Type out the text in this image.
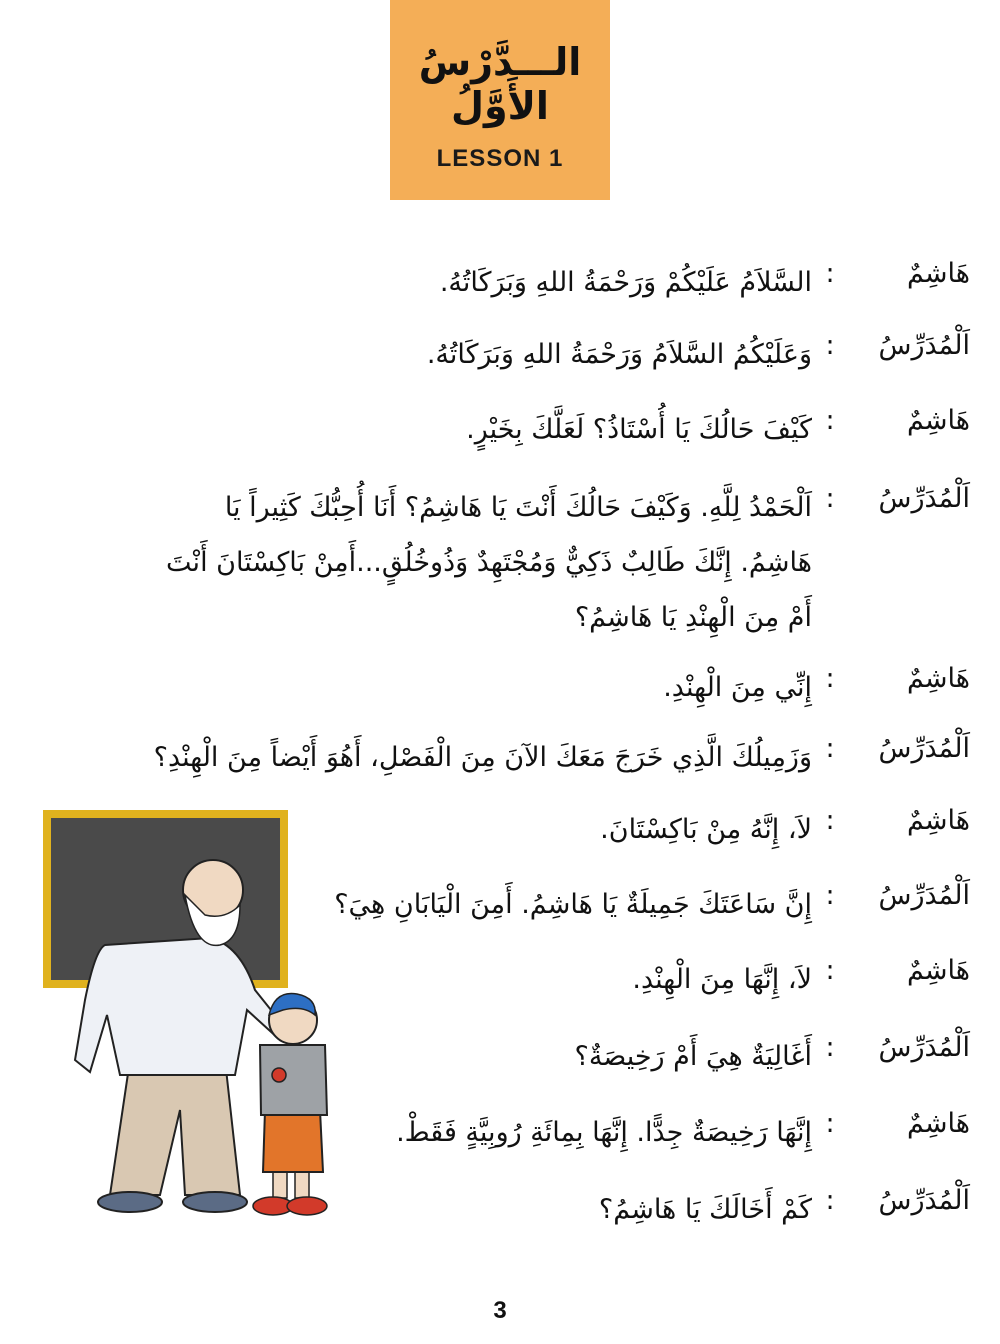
الـــدَّرْسُ الأَوَّلُ
LESSON 1
هَاشِمٌ
:
السَّلاَمُ عَلَيْكُمْ وَرَحْمَةُ اللهِ وَبَرَكَاتُهُ.
اَلْمُدَرِّسُ
:
وَعَلَيْكُمُ السَّلاَمُ وَرَحْمَةُ اللهِ وَبَرَكَاتُهُ.
هَاشِمٌ
:
كَيْفَ حَالُكَ يَا أُسْتَاذُ؟ لَعَلَّكَ بِخَيْرٍ.
اَلْمُدَرِّسُ
:
اَلْحَمْدُ لِلَّهِ. وَكَيْفَ حَالُكَ أَنْتَ يَا هَاشِمُ؟ أَنَا أُحِبُّكَ كَثِيراً يَا
هَاشِمُ. إِنَّكَ طَالِبٌ ذَكِيٌّ وَمُجْتَهِدٌ وَذُوخُلُقٍ...أَمِنْ بَاكِسْتَانَ أَنْتَ
أَمْ مِنَ الْهِنْدِ يَا هَاشِمُ؟
هَاشِمٌ
:
إِنِّي مِنَ الْهِنْدِ.
اَلْمُدَرِّسُ
:
وَزَمِيلُكَ الَّذِي خَرَجَ مَعَكَ الآنَ مِنَ الْفَصْلِ، أَهُوَ أَيْضاً مِنَ الْهِنْدِ؟
هَاشِمٌ
:
لاَ، إِنَّهُ مِنْ بَاكِسْتَانَ.
اَلْمُدَرِّسُ
:
إِنَّ سَاعَتَكَ جَمِيلَةٌ يَا هَاشِمُ. أَمِنَ الْيَابَانِ هِيَ؟
هَاشِمٌ
:
لاَ، إِنَّهَا مِنَ الْهِنْدِ.
اَلْمُدَرِّسُ
:
أَغَالِيَةٌ هِيَ أَمْ رَخِيصَةٌ؟
هَاشِمٌ
:
إِنَّهَا رَخِيصَةٌ جِدًّا. إِنَّهَا بِمِائَةِ رُوبِيَّةٍ فَقَطْ.
اَلْمُدَرِّسُ
:
كَمْ أَخَالَكَ يَا هَاشِمُ؟
3
